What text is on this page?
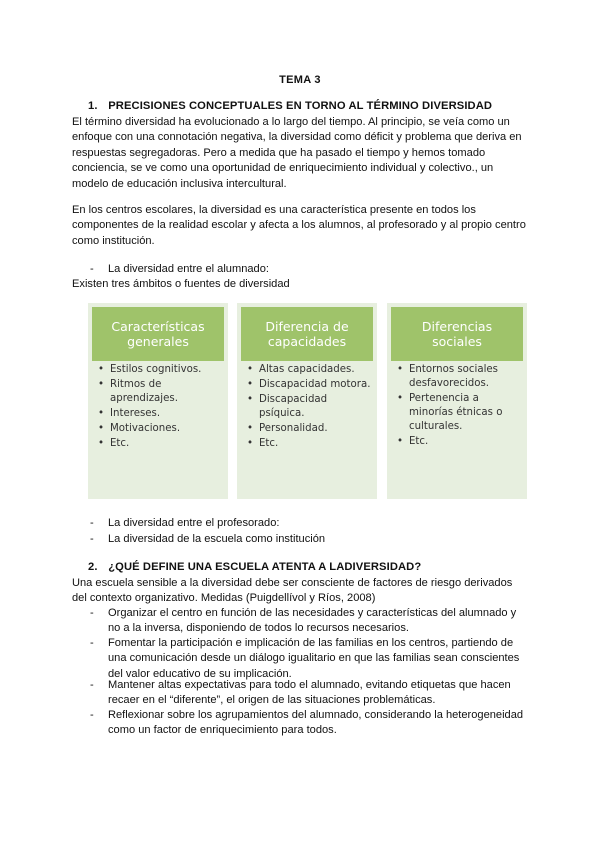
TEMA 3
1. PRECISIONES CONCEPTUALES EN TORNO AL TÉRMINO DIVERSIDAD
El término diversidad ha evolucionado a lo largo del tiempo. Al principio, se veía como un
enfoque con una connotación negativa, la diversidad como déficit y problema que deriva en
respuestas segregadoras. Pero a medida que ha pasado el tiempo y hemos tomado
conciencia, se ve como una oportunidad de enriquecimiento individual y colectivo., un
modelo de educación inclusiva intercultural.
En los centros escolares, la diversidad es una característica presente en todos los
componentes de la realidad escolar y afecta a los alumnos, al profesorado y al propio centro
como institución.
- La diversidad entre el alumnado:
Existen tres ámbitos o fuentes de diversidad
Características
generales
• Estilos cognitivos.
• Ritmos de aprendizajes.
• Intereses.
• Motivaciones.
• Etc.
Diferencia de
capacidades
• Altas capacidades.
• Discapacidad motora.
• Discapacidad psíquica.
• Personalidad.
• Etc.
Diferencias
sociales
• Entornos sociales desfavorecidos.
• Pertenencia a minorías étnicas o culturales.
• Etc.
- La diversidad entre el profesorado:
- La diversidad de la escuela como institución
2. ¿QUÉ DEFINE UNA ESCUELA ATENTA A LADIVERSIDAD?
Una escuela sensible a la diversidad debe ser consciente de factores de riesgo derivados
del contexto organizativo. Medidas (Puigdellívol y Ríos, 2008)
- Organizar el centro en función de las necesidades y características del alumnado y
no a la inversa, disponiendo de todos lo recursos necesarios.
- Fomentar la participación e implicación de las familias en los centros, partiendo de
una comunicación desde un diálogo igualitario en que las familias sean conscientes
del valor educativo de su implicación.
- Mantener altas expectativas para todo el alumnado, evitando etiquetas que hacen
recaer en el “diferente”, el origen de las situaciones problemáticas.
- Reflexionar sobre los agrupamientos del alumnado, considerando la heterogeneidad
como un factor de enriquecimiento para todos.
